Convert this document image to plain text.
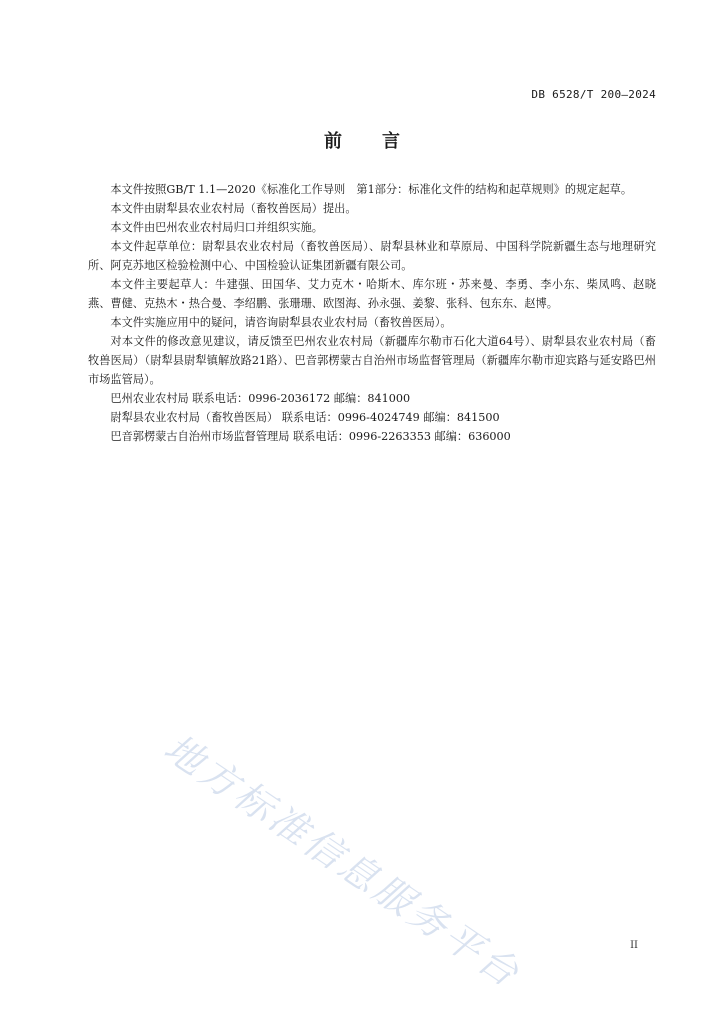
DB 6528/T 200—2024
前言

本文件按照GB/T 1.1—2020《标准化工作导则　第1部分：标准化文件的结构和起草规则》的规定起草。

本文件由尉犁县农业农村局（畜牧兽医局）提出。

本文件由巴州农业农村局归口并组织实施。

本文件起草单位：尉犁县农业农村局（畜牧兽医局）、尉犁县林业和草原局、中国科学院新疆生态与地理研究所、阿克苏地区检验检测中心、中国检验认证集团新疆有限公司。

本文件主要起草人：牛建强、田国华、艾力克木・哈斯木、库尔班・苏来曼、李勇、李小东、柴凤鸣、赵晓燕、曹健、克热木・热合曼、李绍鹏、张珊珊、欧图海、孙永强、姜黎、张科、包东东、赵博。

本文件实施应用中的疑问，请咨询尉犁县农业农村局（畜牧兽医局）。

对本文件的修改意见建议，请反馈至巴州农业农村局（新疆库尔勒市石化大道64号）、尉犁县农业农村局（畜牧兽医局）（尉犁县尉犁镇解放路21路）、巴音郭楞蒙古自治州市场监督管理局（新疆库尔勒市迎宾路与延安路巴州市场监管局）。

巴州农业农村局 联系电话：0996-2036172 邮编：841000

尉犁县农业农村局（畜牧兽医局） 联系电话：0996-4024749 邮编：841500

巴音郭楞蒙古自治州市场监督管理局 联系电话：0996-2263353 邮编：636000

地方标准信息服务平台	II
